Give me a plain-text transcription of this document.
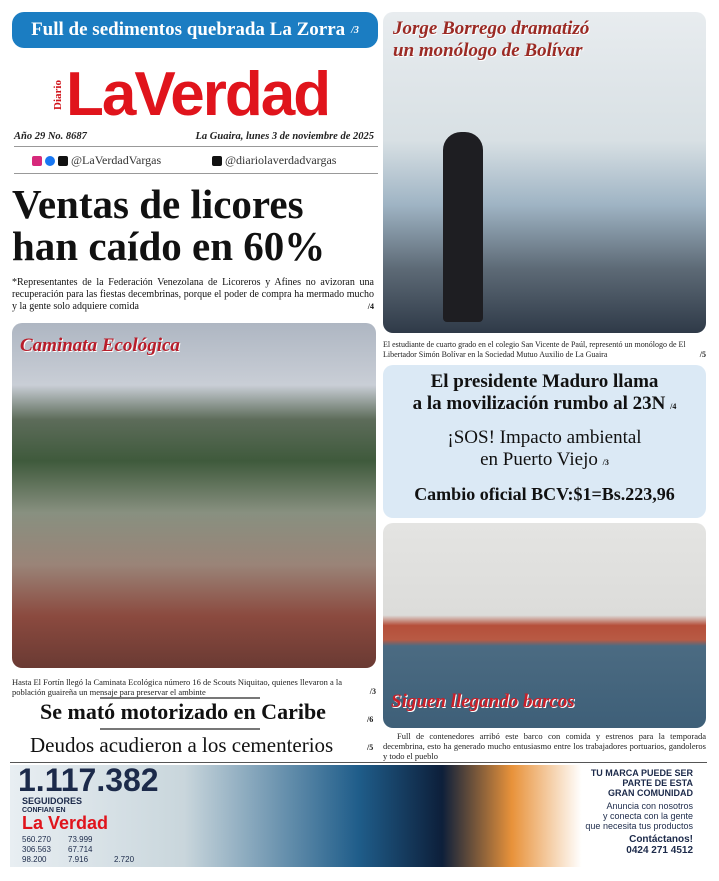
Full de sedimentos quebrada La Zorra /3
Diario LaVerdad
Año 29 No. 8687	La Guaira, lunes 3 de noviembre de 2025
@LaVerdadVargas	@diariolaverdadvargas
Ventas de licores
han caído en 60%
*Representantes de la Federación Venezolana de Licoreros y Afines no avizoran una recuperación para las fiestas decembrinas, porque el poder de compra ha mermado mucho y la gente solo adquiere comida	/4
Caminata Ecológica
Hasta El Fortín llegó la Caminata Ecológica número 16 de Scouts Niquitao, quienes llevaron a la población guaireña un mensaje para preservar el ambinte	/3
Se mató motorizado en Caribe	/6
Deudos acudieron a los cementerios	/5
Jorge Borrego dramatizó
un monólogo de Bolívar
El estudiante de cuarto grado en el colegio San Vicente de Paúl, representó un monólogo de El Libertador Simón Bolívar en la Sociedad Mutuo Auxilio de La Guaira	/5
El presidente Maduro llama
a la movilización rumbo al 23N /4
¡SOS! Impacto ambiental
en Puerto Viejo /3
Cambio oficial BCV:$1=Bs.223,96
Siguen llegando barcos
Full de contenedores arribó este barco con comida y estrenos para la temporada decembrina, esto ha generado mucho entusiasmo entre los trabajadores portuarios, gandoleros y todo el pueblo
1.117.382
SEGUIDORES
CONFIAN EN
La Verdad
560.270	73.999
306.563	67.714
98.200	7.916	2.720
TU MARCA PUEDE SER
PARTE DE ESTA
GRAN COMUNIDAD
Anuncia con nosotros
y conecta con la gente
que necesita tus productos
Contáctanos!
0424 271 4512
